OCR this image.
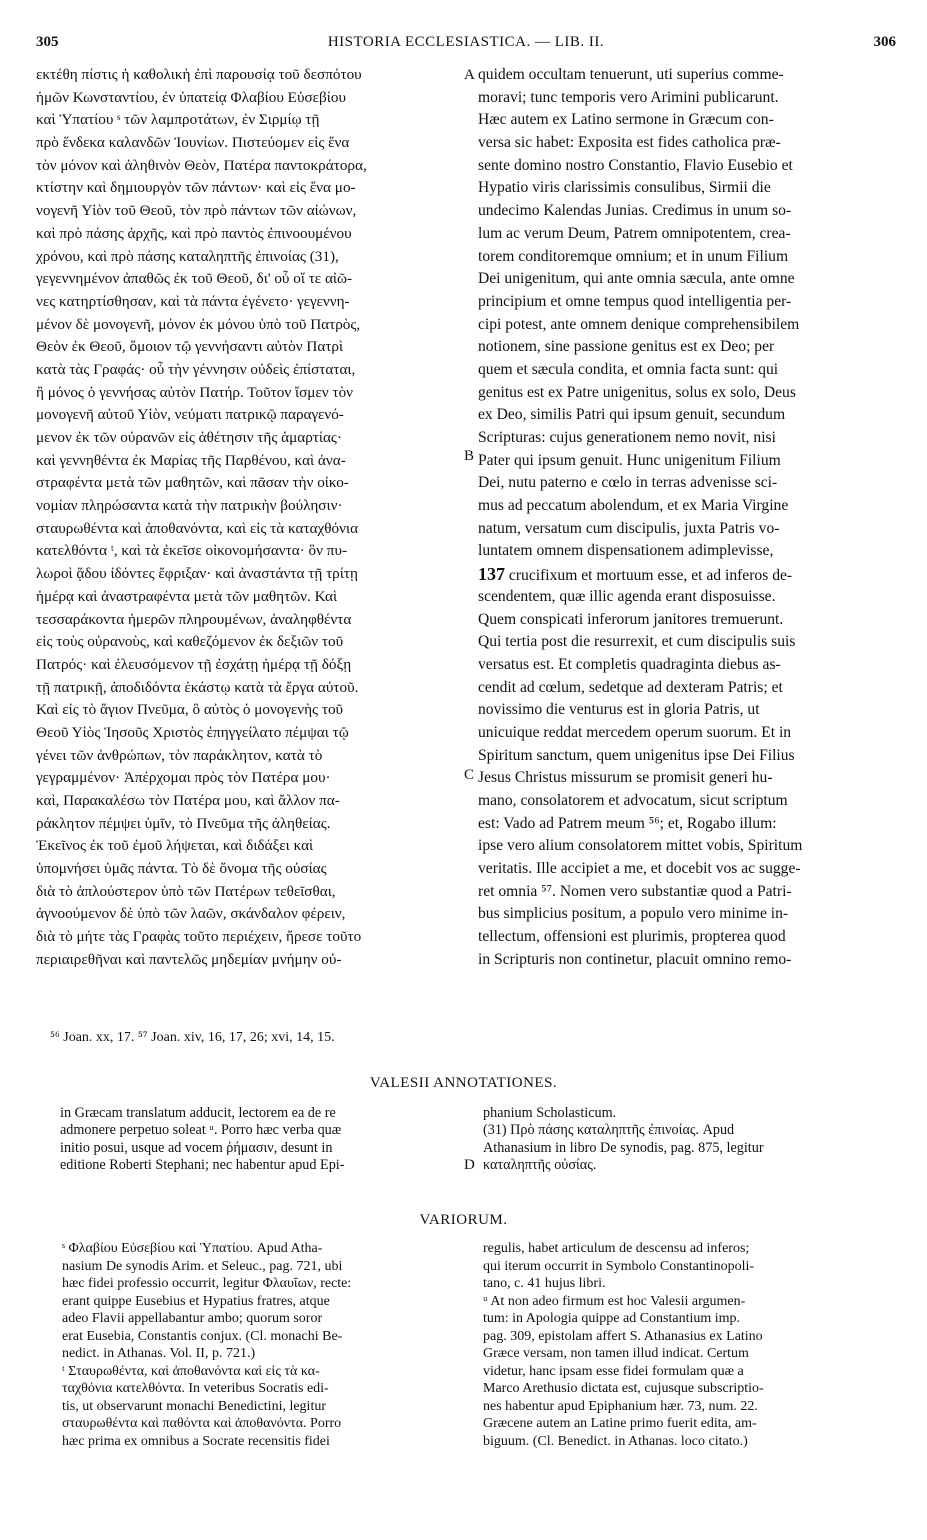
305	HISTORIA ECCLESIASTICA. — LIB. II.	306
εκτέθη πίστις ἡ καθολικὴ ἐπὶ παρουσίᾳ τοῦ δεσπότου
ἡμῶν Κωνσταντίου, ἐν ὑπατείᾳ Φλαβίου Εὐσεβίου
καὶ Ὑπατίου ˢ τῶν λαμπροτάτων, ἐν Σιρμίῳ τῇ
πρὸ ἕνδεκα καλανδῶν Ἰουνίων. Πιστεύομεν εἰς ἕνα
τὸν μόνον καὶ ἀληθινὸν Θεὸν, Πατέρα παντοκράτορα,
κτίστην καὶ δημιουργὸν τῶν πάντων· καὶ εἰς ἕνα μο-
νογενῆ Υἱὸν τοῦ Θεοῦ, τὸν πρὸ πάντων τῶν αἰώνων,
καὶ πρὸ πάσης ἀρχῆς, καὶ πρὸ παντὸς ἐπινοουμένου
χρόνου, καὶ πρὸ πάσης καταληπτῆς ἐπινοίας (31),
γεγεννημένον ἀπαθῶς ἐκ τοῦ Θεοῦ, δι' οὗ οἵ τε αἰῶ-
νες κατηρτίσθησαν, καὶ τὰ πάντα ἐγένετο· γεγεννη-
μένον δὲ μονογενῆ, μόνον ἐκ μόνου ὑπὸ τοῦ Πατρὸς,
Θεὸν ἐκ Θεοῦ, ὅμοιον τῷ γεννήσαντι αὐτὸν Πατρὶ
κατὰ τὰς Γραφάς· οὗ τὴν γέννησιν οὐδεὶς ἐπίσταται,
ἢ μόνος ὁ γεννήσας αὐτὸν Πατήρ. Τοῦτον ἴσμεν τὸν
μονογενῆ αὐτοῦ Υἱὸν, νεύματι πατρικῷ παραγενό-
μενον ἐκ τῶν οὐρανῶν εἰς ἀθέτησιν τῆς ἁμαρτίας·
καὶ γεννηθέντα ἐκ Μαρίας τῆς Παρθένου, καὶ ἀνα-
στραφέντα μετὰ τῶν μαθητῶν, καὶ πᾶσαν τὴν οἰκο-
νομίαν πληρώσαντα κατὰ τὴν πατρικὴν βούλησιν·
σταυρωθέντα καὶ ἀποθανόντα, καὶ εἰς τὰ καταχθόνια
κατελθόντα ᵗ, καὶ τὰ ἐκεῖσε οἰκονομήσαντα· ὃν πυ-
λωροὶ ᾅδου ἰδόντες ἔφριξαν· καὶ ἀναστάντα τῇ τρίτῃ
ἡμέρᾳ καὶ ἀναστραφέντα μετὰ τῶν μαθητῶν. Καὶ
τεσσαράκοντα ἡμερῶν πληρουμένων, ἀναληφθέντα
εἰς τοὺς οὐρανοὺς, καὶ καθεζόμενον ἐκ δεξιῶν τοῦ
Πατρός· καὶ ἐλευσόμενον τῇ ἐσχάτῃ ἡμέρᾳ τῇ δόξῃ
τῇ πατρικῇ, ἀποδιδόντα ἑκάστῳ κατὰ τὰ ἔργα αὐτοῦ.
Καὶ εἰς τὸ ἅγιον Πνεῦμα, ὃ αὐτὸς ὁ μονογενὴς τοῦ
Θεοῦ Υἱὸς Ἰησοῦς Χριστὸς ἐπηγγείλατο πέμψαι τῷ
γένει τῶν ἀνθρώπων, τὸν παράκλητον, κατὰ τὸ
γεγραμμένον· Ἀπέρχομαι πρὸς τὸν Πατέρα μου·
καὶ, Παρακαλέσω τὸν Πατέρα μου, καὶ ἄλλον πα-
ράκλητον πέμψει ὑμῖν, τὸ Πνεῦμα τῆς ἀληθείας.
Ἐκεῖνος ἐκ τοῦ ἐμοῦ λήψεται, καὶ διδάξει καὶ
ὑπομνήσει ὑμᾶς πάντα. Τὸ δὲ ὄνομα τῆς οὐσίας
διὰ τὸ ἁπλούστερον ὑπὸ τῶν Πατέρων τεθεῖσθαι,
ἀγνοούμενον δὲ ὑπὸ τῶν λαῶν, σκάνδαλον φέρειν,
διὰ τὸ μήτε τὰς Γραφὰς τοῦτο περιέχειν, ἤρεσε τοῦτο
περιαιρεθῆναι καὶ παντελῶς μηδεμίαν μνήμην οὐ-
quidem occultam tenuerunt, uti superius comme-
moravi; tunc temporis vero Arimini publicarunt.
Hæc autem ex Latino sermone in Græcum con-
versa sic habet: Exposita est fides catholica præ-
sente domino nostro Constantio, Flavio Eusebio et
Hypatio viris clarissimis consulibus, Sirmii die
undecimo Kalendas Junias. Credimus in unum so-
lum ac verum Deum, Patrem omnipotentem, crea-
torem conditoremque omnium; et in unum Filium
Dei unigenitum, qui ante omnia sæcula, ante omne
principium et omne tempus quod intelligentia per-
cipi potest, ante omnem denique comprehensibilem
notionem, sine passione genitus est ex Deo; per
quem et sæcula condita, et omnia facta sunt: qui
genitus est ex Patre unigenitus, solus ex solo, Deus
ex Deo, similis Patri qui ipsum genuit, secundum
Scripturas: cujus generationem nemo novit, nisi
Pater qui ipsum genuit. Hunc unigenitum Filium
Dei, nutu paterno e cœlo in terras advenisse sci-
mus ad peccatum abolendum, et ex Maria Virgine
natum, versatum cum discipulis, juxta Patris vo-
luntatem omnem dispensationem adimplevisse,
137 crucifixum et mortuum esse, et ad inferos de-
scendentem, quæ illic agenda erant disposuisse.
Quem conspicati inferorum janitores tremuerunt.
Qui tertia post die resurrexit, et cum discipulis suis
versatus est. Et completis quadraginta diebus as-
cendit ad cœlum, sedetque ad dexteram Patris; et
novissimo die venturus est in gloria Patris, ut
unicuique reddat mercedem operum suorum. Et in
Spiritum sanctum, quem unigenitus ipse Dei Filius
Jesus Christus missurum se promisit generi hu-
mano, consolatorem et advocatum, sicut scriptum
est: Vado ad Patrem meum ⁵⁶; et, Rogabo illum:
ipse vero alium consolatorem mittet vobis, Spiritum
veritatis. Ille accipiet a me, et docebit vos ac sugge-
ret omnia ⁵⁷. Nomen vero substantiæ quod a Patri-
bus simplicius positum, a populo vero minime in-
tellectum, offensioni est plurimis, propterea quod
in Scripturis non continetur, placuit omnino remo-
A
B
C
D
⁵⁶ Joan. xx, 17. ⁵⁷ Joan. xiv, 16, 17, 26; xvi, 14, 15.
VALESII ANNOTATIONES.
in Græcam translatum adducit, lectorem ea de re
admonere perpetuo soleat ᵘ. Porro hæc verba quæ
initio posui, usque ad vocem ῥήμασιν, desunt in
editione Roberti Stephani; nec habentur apud Epi-
phanium Scholasticum.
(31) Πρὸ πάσης καταληπτῆς ἐπινοίας. Apud
Athanasium in libro De synodis, pag. 875, legitur
καταληπτῆς οὐσίας.
VARIORUM.
ˢ Φλαβίου Εὐσεβίου καὶ Ὑπατίου. Apud Atha-
nasium De synodis Arim. et Seleuc., pag. 721, ubi
hæc fidei professio occurrit, legitur Φλαυΐων, recte:
erant quippe Eusebius et Hypatius fratres, atque
adeo Flavii appellabantur ambo; quorum soror
erat Eusebia, Constantis conjux. (Cl. monachi Be-
nedict. in Athanas. Vol. II, p. 721.)
ᵗ Σταυρωθέντα, καὶ ἀποθανόντα καὶ εἰς τὰ κα-
ταχθόνια κατελθόντα. In veteribus Socratis edi-
tis, ut observarunt monachi Benedictini, legitur
σταυρωθέντα καὶ παθόντα καὶ ἀποθανόντα. Porro
hæc prima ex omnibus a Socrate recensitis fidei
regulis, habet articulum de descensu ad inferos;
qui iterum occurrit in Symbolo Constantinopoli-
tano, c. 41 hujus libri.
ᵘ At non adeo firmum est hoc Valesii argumen-
tum: in Apologia quippe ad Constantium imp.
pag. 309, epistolam affert S. Athanasius ex Latino
Græce versam, non tamen illud indicat. Certum
videtur, hanc ipsam esse fidei formulam quæ a
Marco Arethusio dictata est, cujusque subscriptio-
nes habentur apud Epiphanium hær. 73, num. 22.
Græcene autem an Latine primo fuerit edita, am-
biguum. (Cl. Benedict. in Athanas. loco citato.)
